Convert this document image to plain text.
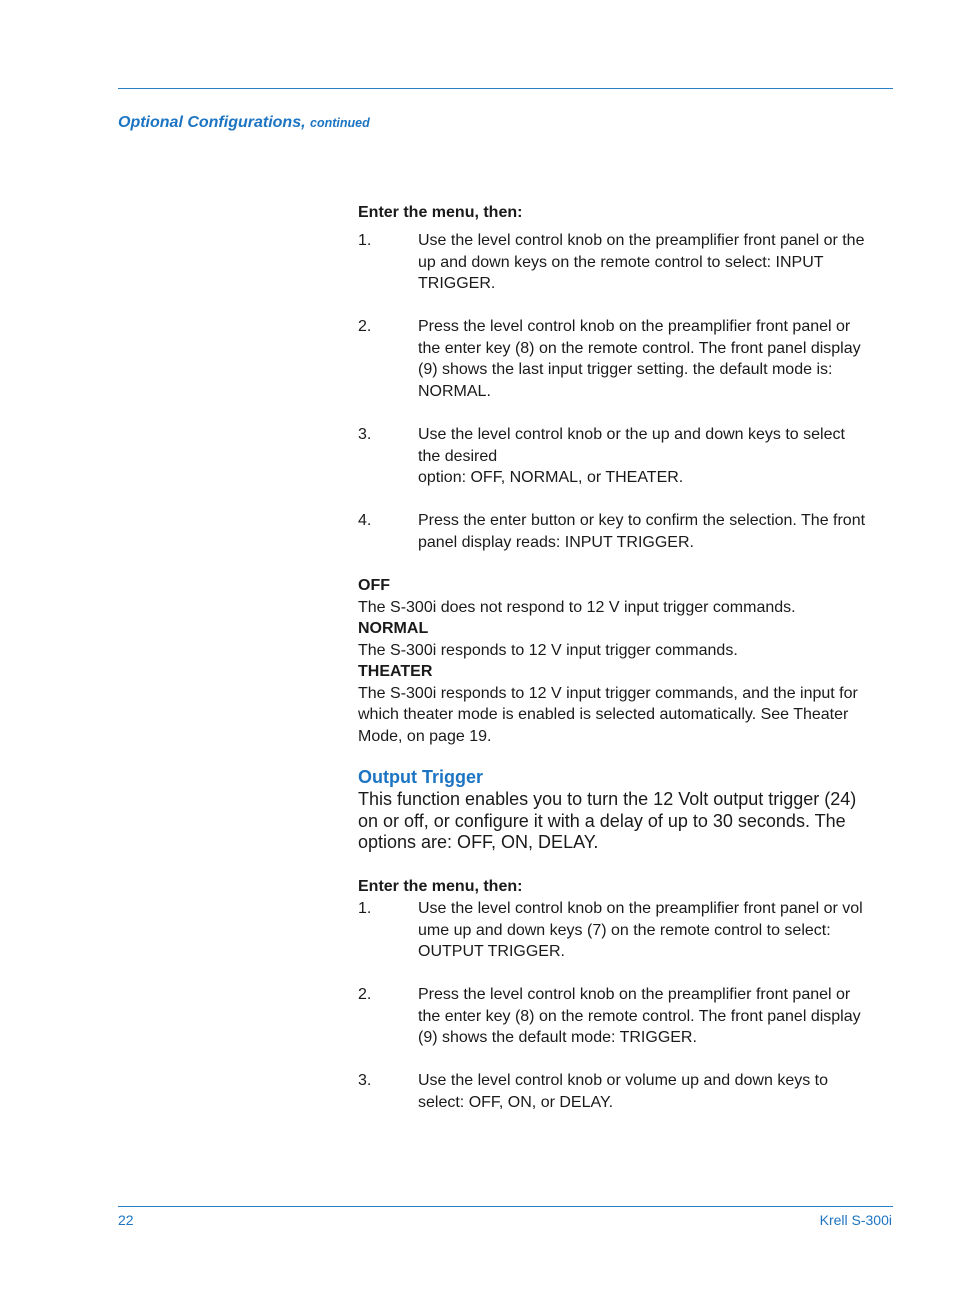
Optional Configurations, continued
Enter the menu, then:
1.	Use the level control knob on the preamplifier front panel or the
up and down keys on the remote control to select: INPUT
TRIGGER.
2.	Press the level control knob on the preamplifier front panel or
the enter key (8) on the remote control. The front panel display
(9) shows the last input trigger setting. the default mode is:
NORMAL.
3.	Use the level control knob or the up and down keys to select
the desired
option: OFF, NORMAL, or THEATER.
4.	Press the enter button or key to confirm the selection. The front
panel display reads: INPUT TRIGGER.
OFF
The S-300i does not respond to 12 V input trigger commands.
NORMAL
The S-300i responds to 12 V input trigger commands.
THEATER
The S-300i responds to 12 V input trigger commands, and the input for
which theater mode is enabled is selected automatically. See Theater
Mode, on page 19.
Output Trigger
This function enables you to turn the 12 Volt output trigger (24)
on or off, or configure it with a delay of up to 30 seconds. The
options are: OFF, ON, DELAY.
Enter the menu, then:
1.	Use the level control knob on the preamplifier front panel or vol
ume up and down keys (7) on the remote control to select:
OUTPUT TRIGGER.
2.	Press the level control knob on the preamplifier front panel or
the enter key (8) on the remote control. The front panel display
(9) shows the default mode: TRIGGER.
3.	Use the level control knob or volume up and down keys to
select: OFF, ON, or DELAY.
22	Krell S-300i
